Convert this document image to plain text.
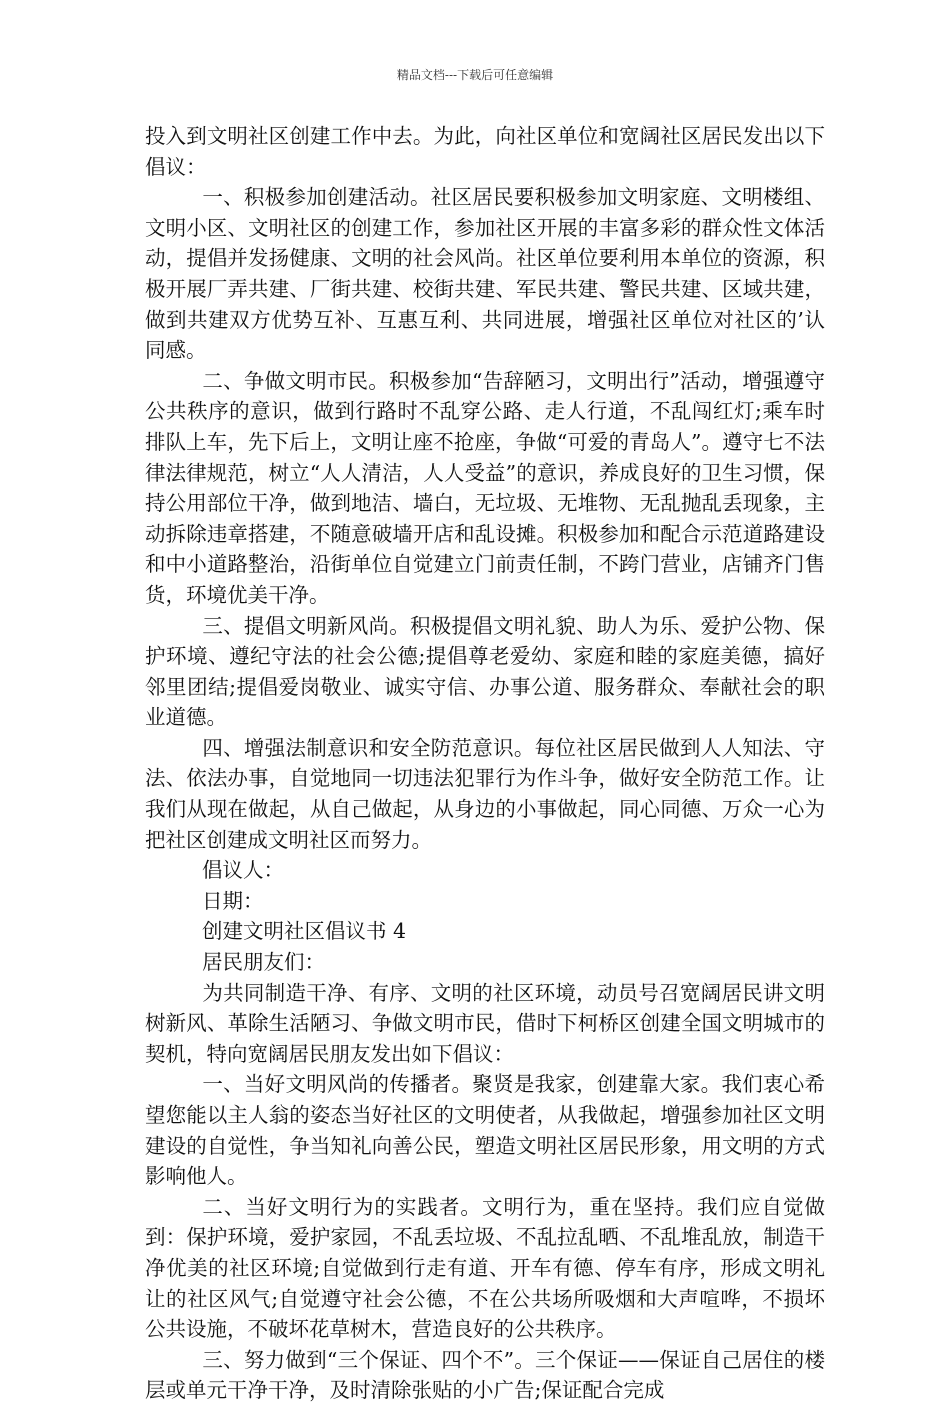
精品文档---下载后可任意编辑

投入到文明社区创建工作中去。为此，向社区单位和宽阔社区居民发出以下倡议：

一、积极参加创建活动。社区居民要积极参加文明家庭、文明楼组、文明小区、文明社区的创建工作，参加社区开展的丰富多彩的群众性文体活动，提倡并发扬健康、文明的社会风尚。社区单位要利用本单位的资源，积极开展厂弄共建、厂街共建、校街共建、军民共建、警民共建、区域共建，做到共建双方优势互补、互惠互利、共同进展，增强社区单位对社区的’认同感。

二、争做文明市民。积极参加“告辞陋习，文明出行”活动，增强遵守公共秩序的意识，做到行路时不乱穿公路、走人行道，不乱闯红灯;乘车时排队上车，先下后上，文明让座不抢座，争做“可爱的青岛人”。遵守七不法律法律规范，树立“人人清洁，人人受益”的意识，养成良好的卫生习惯，保持公用部位干净，做到地洁、墙白，无垃圾、无堆物、无乱抛乱丢现象，主动拆除违章搭建，不随意破墙开店和乱设摊。积极参加和配合示范道路建设和中小道路整治，沿街单位自觉建立门前责任制，不跨门营业，店铺齐门售货，环境优美干净。

三、提倡文明新风尚。积极提倡文明礼貌、助人为乐、爱护公物、保护环境、遵纪守法的社会公德;提倡尊老爱幼、家庭和睦的家庭美德，搞好邻里团结;提倡爱岗敬业、诚实守信、办事公道、服务群众、奉献社会的职业道德。

四、增强法制意识和安全防范意识。每位社区居民做到人人知法、守法、依法办事，自觉地同一切违法犯罪行为作斗争，做好安全防范工作。让我们从现在做起，从自己做起，从身边的小事做起，同心同德、万众一心为把社区创建成文明社区而努力。

倡议人：

日期：

创建文明社区倡议书 4

居民朋友们：

为共同制造干净、有序、文明的社区环境，动员号召宽阔居民讲文明树新风、革除生活陋习、争做文明市民，借时下柯桥区创建全国文明城市的契机，特向宽阔居民朋友发出如下倡议：

一、当好文明风尚的传播者。聚贤是我家，创建靠大家。我们衷心希望您能以主人翁的姿态当好社区的文明使者，从我做起，增强参加社区文明建设的自觉性，争当知礼向善公民，塑造文明社区居民形象，用文明的方式影响他人。

二、当好文明行为的实践者。文明行为，重在坚持。我们应自觉做到：保护环境，爱护家园，不乱丢垃圾、不乱拉乱晒、不乱堆乱放，制造干净优美的社区环境;自觉做到行走有道、开车有德、停车有序，形成文明礼让的社区风气;自觉遵守社会公德，不在公共场所吸烟和大声喧哗，不损坏公共设施，不破坏花草树木，营造良好的公共秩序。

三、努力做到“三个保证、四个不”。三个保证——保证自己居住的楼层或单元干净干净，及时清除张贴的小广告;保证配合完成
